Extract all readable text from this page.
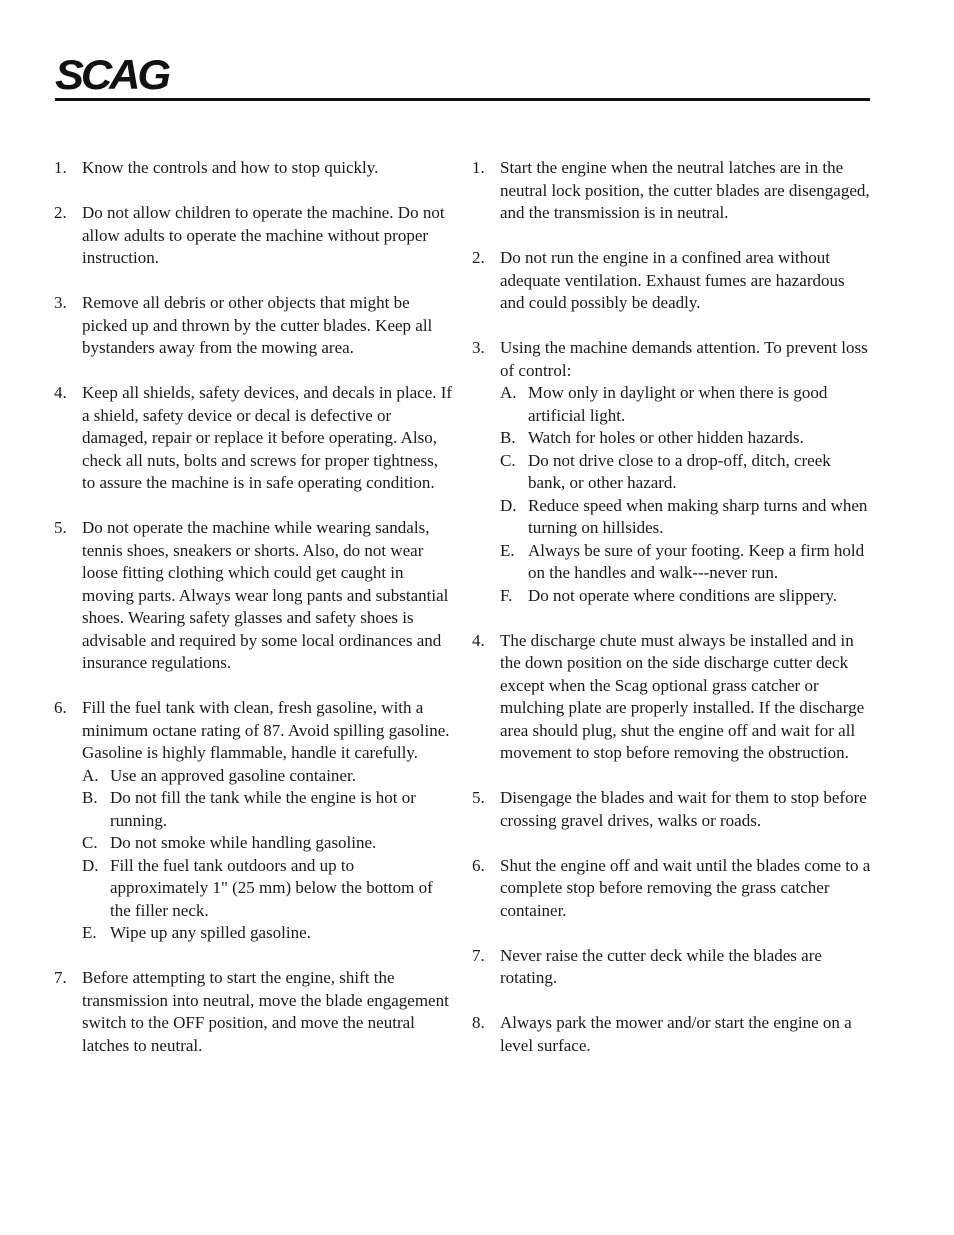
SCAG
1. Know the controls and how to stop quickly.
2. Do not allow children to operate the machine. Do not allow adults to operate the machine without proper instruction.
3. Remove all debris or other objects that might be picked up and thrown by the cutter blades. Keep all bystanders away from the mowing area.
4. Keep all shields, safety devices, and decals in place. If a shield, safety device or decal is defective or damaged, repair or replace it before operating. Also, check all nuts, bolts and screws for proper tightness, to assure the machine is in safe operating condition.
5. Do not operate the machine while wearing sandals, tennis shoes, sneakers or shorts. Also, do not wear loose fitting clothing which could get caught in moving parts. Always wear long pants and substantial shoes. Wearing safety glasses and safety shoes is advisable and required by some local ordinances and insurance regulations.
6. Fill the fuel tank with clean, fresh gasoline, with a minimum octane rating of 87. Avoid spilling gasoline. Gasoline is highly flammable, handle it carefully.
A. Use an approved gasoline container.
B. Do not fill the tank while the engine is hot or running.
C. Do not smoke while handling gasoline.
D. Fill the fuel tank outdoors and up to approximately 1" (25 mm) below the bottom of the filler neck.
E. Wipe up any spilled gasoline.
7. Before attempting to start the engine, shift the transmission into neutral, move the blade engagement switch to the OFF position, and move the neutral latches to neutral.
1. Start the engine when the neutral latches are in the neutral lock position, the cutter blades are disengaged, and the transmission is in neutral.
2. Do not run the engine in a confined area without adequate ventilation. Exhaust fumes are hazardous and could possibly be deadly.
3. Using the machine demands attention. To prevent loss of control:
A. Mow only in daylight or when there is good artificial light.
B. Watch for holes or other hidden hazards.
C. Do not drive close to a drop-off, ditch, creek bank, or other hazard.
D. Reduce speed when making sharp turns and when turning on hillsides.
E. Always be sure of your footing. Keep a firm hold on the handles and walk---never run.
F. Do not operate where conditions are slippery.
4. The discharge chute must always be installed and in the down position on the side discharge cutter deck except when the Scag optional grass catcher or mulching plate are properly installed. If the discharge area should plug, shut the engine off and wait for all movement to stop before removing the obstruction.
5. Disengage the blades and wait for them to stop before crossing gravel drives, walks or roads.
6. Shut the engine off and wait until the blades come to a complete stop before removing the grass catcher container.
7. Never raise the cutter deck while the blades are rotating.
8. Always park the mower and/or start the engine on a level surface.
